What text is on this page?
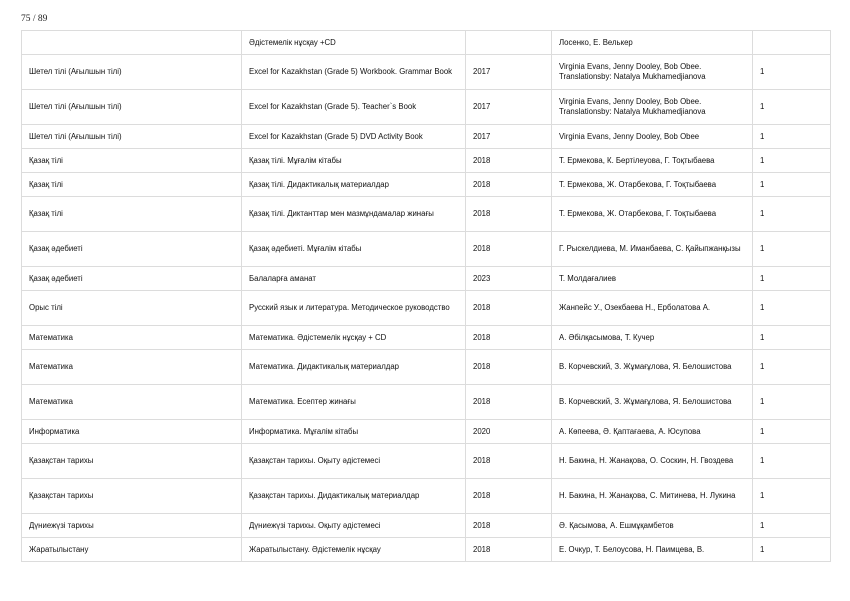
75 / 89
	Әдістемелік нұсқау +CD		Лосенко, Е. Велькер	
Шетел тілі (Ағылшын тілі)	Excel for Kazakhstan (Grade 5) Workbook. Grammar Book	2017	Virginia Evans, Jenny Dooley, Bob Obee. Translationsby: Natalya Mukhamedjianova	1
Шетел тілі (Ағылшын тілі)	Excel for Kazakhstan (Grade 5). Teacher`s Book	2017	Virginia Evans, Jenny Dooley, Bob Obee. Translationsby: Natalya Mukhamedjianova	1
Шетел тілі (Ағылшын тілі)	Excel for Kazakhstan (Grade 5) DVD Activity Book	2017	Virginia Evans, Jenny Dooley, Bob Obee	1
Қазақ тілі	Қазақ тілі. Мұғалім кітабы	2018	Т. Ермекова, К. Бертілеуова, Г. Тоқтыбаева	1
Қазақ тілі	Қазақ тілі. Дидактикалық материалдар	2018	Т. Ермекова, Ж. Отарбекова, Г. Тоқтыбаева	1
Қазақ тілі	Қазақ тілі. Диктанттар мен мазмұндамалар жинағы	2018	Т. Ермекова, Ж. Отарбекова, Г. Тоқтыбаева	1
Қазақ әдебиеті	Қазақ әдебиеті. Мұғалім кітабы	2018	Г. Рыскелдиева, М. Иманбаева, С. Қайыпжанқызы	1
Қазақ әдебиеті	Балаларға аманат	2023	Т. Молдағалиев	1
Орыс тілі	Русский язык и литература. Методическое руководство	2018	Жанпейс У., Озекбаева Н., Ерболатова А.	1
Математика	Математика. Әдістемелік нұсқау + CD	2018	А. Әбілқасымова, Т. Кучер	1
Математика	Математика. Дидактикалық материалдар	2018	В. Корчевский, З. Жұмағұлова, Я. Белошистова	1
Математика	Математика. Есептер жинағы	2018	В. Корчевский, З. Жұмағұлова, Я. Белошистова	1
Информатика	Информатика. Мұғалім кітабы	2020	А. Көпеева, Ә. Қаптағаева, А. Юсупова	1
Қазақстан тарихы	Қазақстан тарихы. Оқыту әдістемесі	2018	Н. Бакина, Н. Жанақова, О. Соскин, Н. Гвоздева	1
Қазақстан тарихы	Қазақстан тарихы. Дидактикалық материалдар	2018	Н. Бакина, Н. Жанақова, С. Митинева, Н. Лукина	1
Дүниежүзі тарихы	Дүниежүзі тарихы. Оқыту әдістемесі	2018	Ә. Қасымова, А. Ешмұқамбетов	1
Жаратылыстану	Жаратылыстану. Әдістемелік нұсқау	2018	Е. Очкур, Т. Белоусова, Н. Паимцева, В.	1
